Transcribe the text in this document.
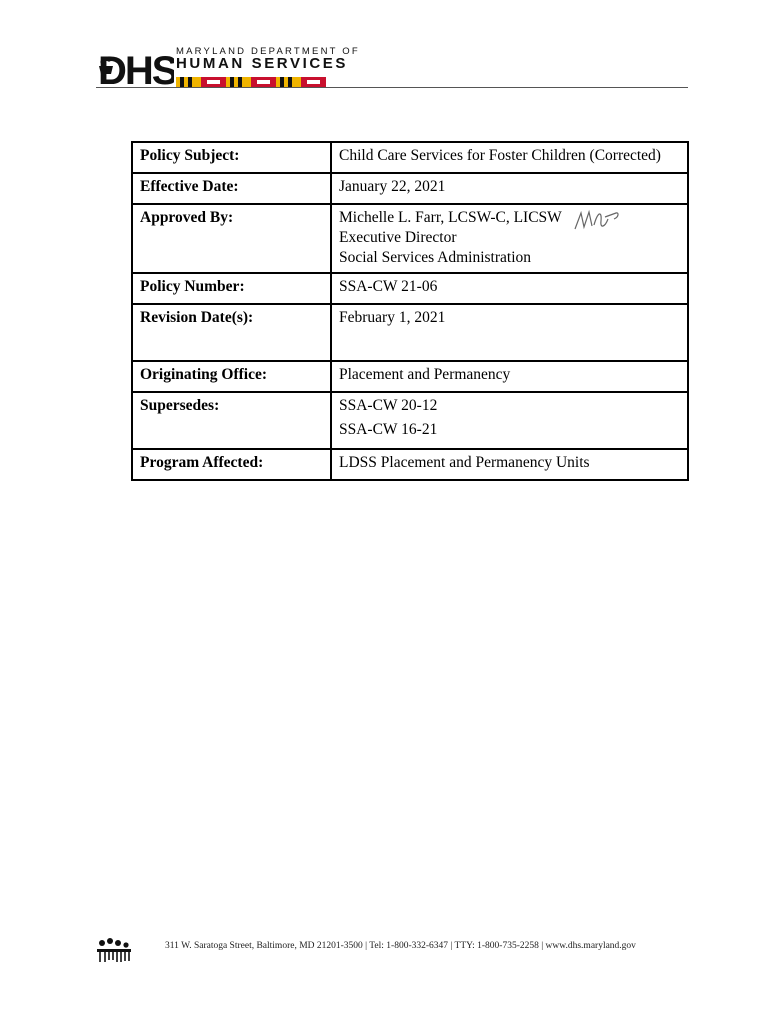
DHS MARYLAND DEPARTMENT OF
HUMAN SERVICES
Policy Subject:	Child Care Services for Foster Children (Corrected)
Effective Date:	January 22, 2021
Approved By:	Michelle L. Farr, LCSW-C, LICSW
Executive Director
Social Services Administration

Policy Number:	SSA-CW 21-06
Revision Date(s):	February 1, 2021
Originating Office:	Placement and Permanency
Supersedes:	SSA-CW 20-12
SSA-CW 16-21

Program Affected:	LDSS Placement and Permanency Units
311 W. Saratoga Street, Baltimore, MD 21201-3500 | Tel: 1-800-332-6347 | TTY: 1-800-735-2258 | www.dhs.maryland.gov
